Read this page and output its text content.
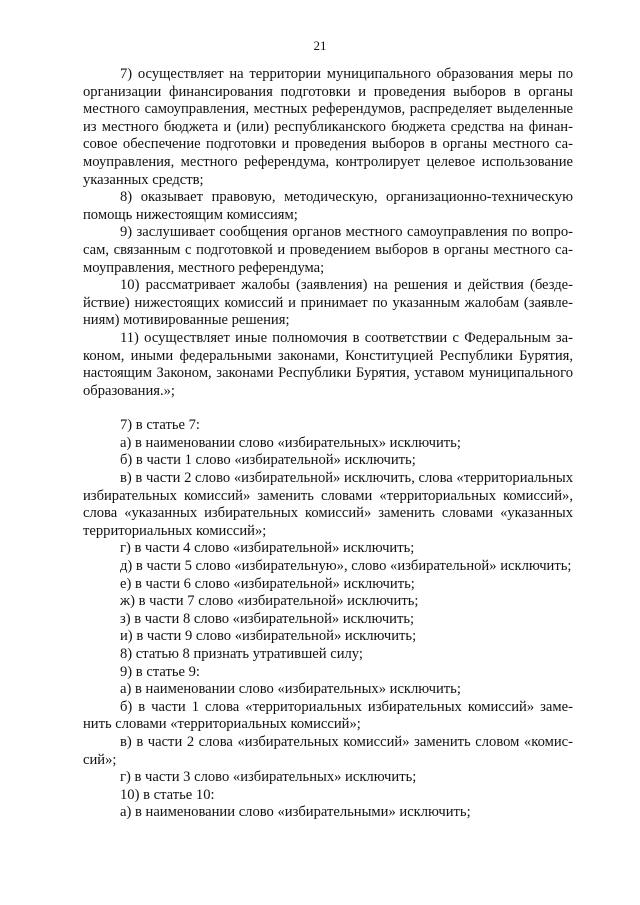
21

7) осуществляет на территории муниципального образования меры по организации финансирования подготовки и проведения выборов в органы местного самоуправления, местных референдумов, распределяет выделенные из местного бюджета и (или) республиканского бюджета средства на финансовое обеспечение подготовки и проведения выборов в органы местного самоуправления, местного референдума, контролирует целевое использование указанных средств;

8) оказывает правовую, методическую, организационно-техническую помощь нижестоящим комиссиям;

9) заслушивает сообщения органов местного самоуправления по вопросам, связанным с подготовкой и проведением выборов в органы местного самоуправления, местного референдума;

10) рассматривает жалобы (заявления) на решения и действия (бездействие) нижестоящих комиссий и принимает по указанным жалобам (заявлениям) мотивированные решения;

11) осуществляет иные полномочия в соответствии с Федеральным законом, иными федеральными законами, Конституцией Республики Бурятия, настоящим Законом, законами Республики Бурятия, уставом муниципального образования.»;

7) в статье 7:

а) в наименовании слово «избирательных» исключить;

б) в части 1 слово «избирательной» исключить;

в) в части 2 слово «избирательной» исключить, слова «территориальных избирательных комиссий» заменить словами «территориальных комиссий», слова «указанных избирательных комиссий» заменить словами «указанных территориальных комиссий»;

г) в части 4 слово «избирательной» исключить;

д) в части 5 слово «избирательную», слово «избирательной» исключить;

е) в части 6 слово «избирательной» исключить;

ж) в части 7 слово «избирательной» исключить;

з) в части 8 слово «избирательной» исключить;

и) в части 9 слово «избирательной» исключить;

8) статью 8 признать утратившей силу;

9) в статье 9:

а) в наименовании слово «избирательных» исключить;

б) в части 1 слова «территориальных избирательных комиссий» заменить словами «территориальных комиссий»;

в) в части 2 слова «избирательных комиссий» заменить словом «комиссий»;

г) в части 3 слово «избирательных» исключить;

10) в статье 10:

а) в наименовании слово «избирательными» исключить;
